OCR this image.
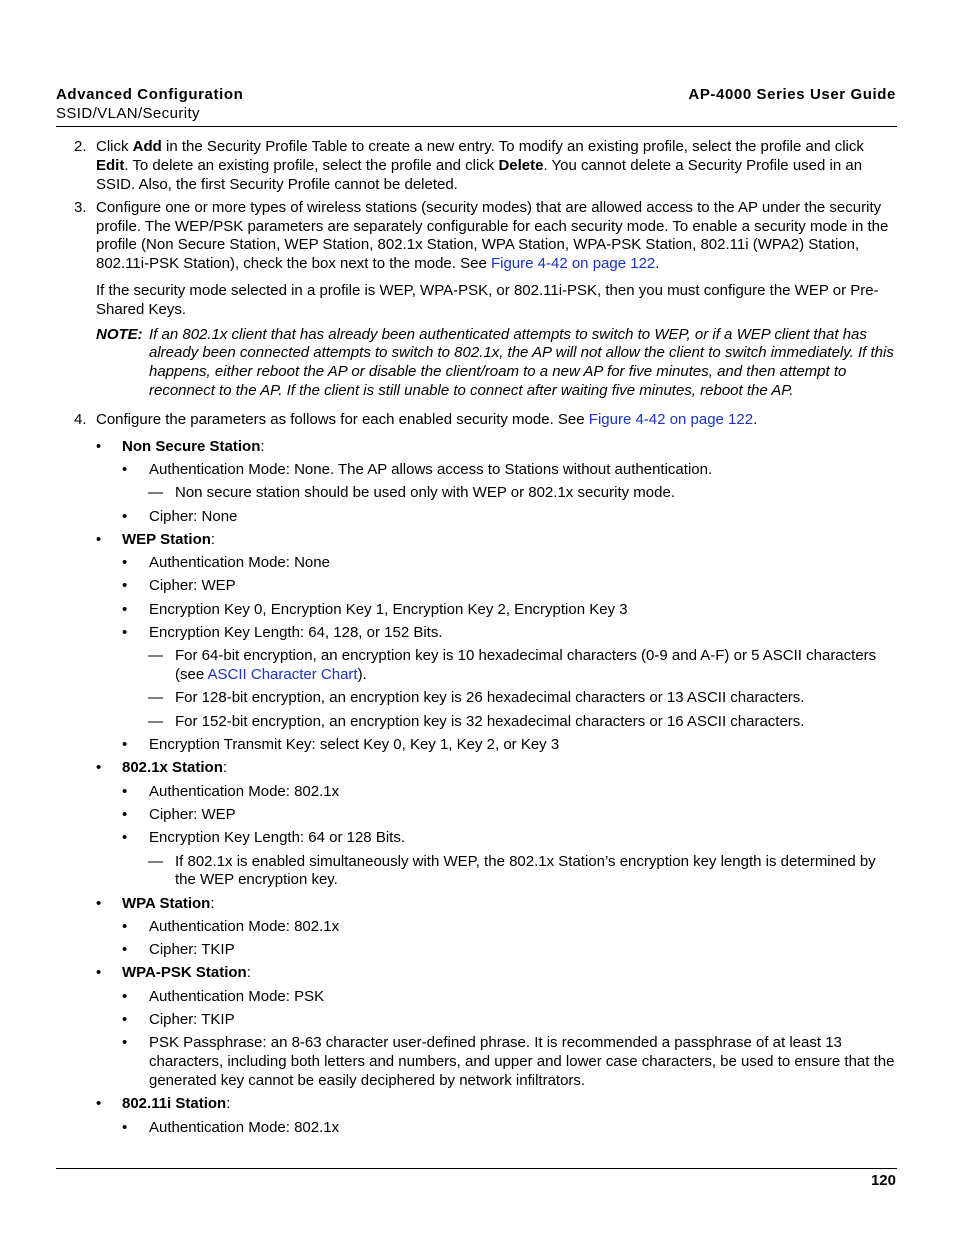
Advanced Configuration
SSID/VLAN/Security
AP-4000 Series User Guide

2. Click Add in the Security Profile Table to create a new entry. To modify an existing profile, select the profile and click Edit. To delete an existing profile, select the profile and click Delete. You cannot delete a Security Profile used in an SSID. Also, the first Security Profile cannot be deleted.

3. Configure one or more types of wireless stations (security modes) that are allowed access to the AP under the security profile. The WEP/PSK parameters are separately configurable for each security mode. To enable a security mode in the profile (Non Secure Station, WEP Station, 802.1x Station, WPA Station, WPA-PSK Station, 802.11i (WPA2) Station, 802.11i-PSK Station), check the box next to the mode. See Figure 4-42 on page 122.

If the security mode selected in a profile is WEP, WPA-PSK, or 802.11i-PSK, then you must configure the WEP or Pre-Shared Keys.

NOTE: If an 802.1x client that has already been authenticated attempts to switch to WEP, or if a WEP client that has already been connected attempts to switch to 802.1x, the AP will not allow the client to switch immediately. If this happens, either reboot the AP or disable the client/roam to a new AP for five minutes, and then attempt to reconnect to the AP. If the client is still unable to connect after waiting five minutes, reboot the AP.

4. Configure the parameters as follows for each enabled security mode. See Figure 4-42 on page 122.

• Non Secure Station:

• Authentication Mode: None. The AP allows access to Stations without authentication.

— Non secure station should be used only with WEP or 802.1x security mode.

• Cipher: None

• WEP Station:

• Authentication Mode: None

• Cipher: WEP

• Encryption Key 0, Encryption Key 1, Encryption Key 2, Encryption Key 3

• Encryption Key Length: 64, 128, or 152 Bits.

— For 64-bit encryption, an encryption key is 10 hexadecimal characters (0-9 and A-F) or 5 ASCII characters (see ASCII Character Chart).

— For 128-bit encryption, an encryption key is 26 hexadecimal characters or 13 ASCII characters.

— For 152-bit encryption, an encryption key is 32 hexadecimal characters or 16 ASCII characters.

• Encryption Transmit Key: select Key 0, Key 1, Key 2, or Key 3

• 802.1x Station:

• Authentication Mode: 802.1x

• Cipher: WEP

• Encryption Key Length: 64 or 128 Bits.

— If 802.1x is enabled simultaneously with WEP, the 802.1x Station’s encryption key length is determined by the WEP encryption key.

• WPA Station:

• Authentication Mode: 802.1x

• Cipher: TKIP

• WPA-PSK Station:

• Authentication Mode: PSK

• Cipher: TKIP

• PSK Passphrase: an 8-63 character user-defined phrase. It is recommended a passphrase of at least 13 characters, including both letters and numbers, and upper and lower case characters, be used to ensure that the generated key cannot be easily deciphered by network infiltrators.

• 802.11i Station:

• Authentication Mode: 802.1x

120
